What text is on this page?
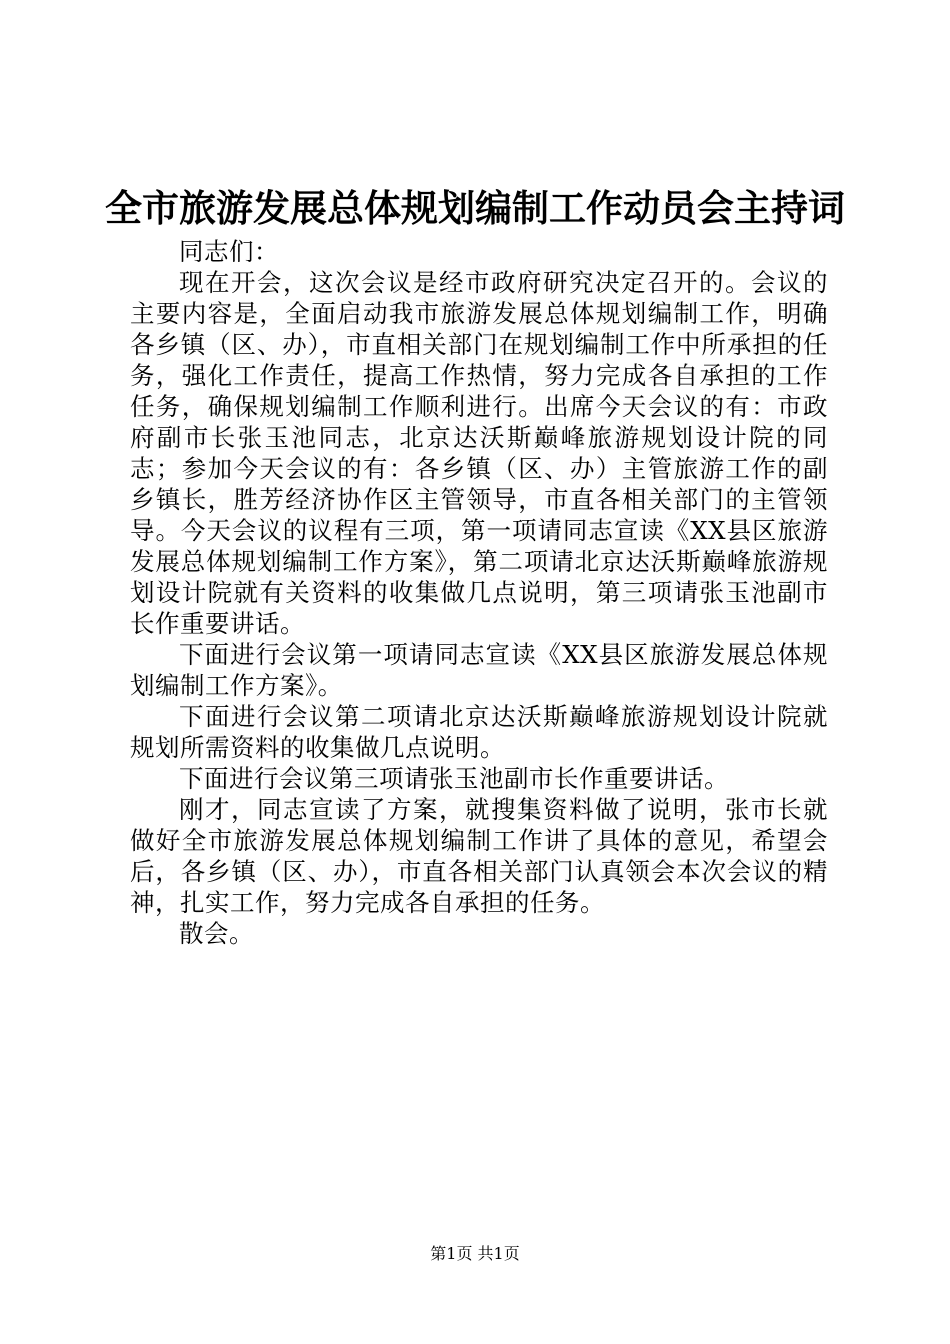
全市旅游发展总体规划编制工作动员会主持词

同志们：

现在开会，这次会议是经市政府研究决定召开的。会议的主要内容是，全面启动我市旅游发展总体规划编制工作，明确各乡镇（区、办），市直相关部门在规划编制工作中所承担的任务，强化工作责任，提高工作热情，努力完成各自承担的工作任务，确保规划编制工作顺利进行。出席今天会议的有：市政府副市长张玉池同志，北京达沃斯巅峰旅游规划设计院的同志；参加今天会议的有：各乡镇（区、办）主管旅游工作的副乡镇长，胜芳经济协作区主管领导，市直各相关部门的主管领导。今天会议的议程有三项，第一项请同志宣读《XX县区旅游发展总体规划编制工作方案》，第二项请北京达沃斯巅峰旅游规划设计院就有关资料的收集做几点说明，第三项请张玉池副市长作重要讲话。

下面进行会议第一项请同志宣读《XX县区旅游发展总体规划编制工作方案》。

下面进行会议第二项请北京达沃斯巅峰旅游规划设计院就规划所需资料的收集做几点说明。

下面进行会议第三项请张玉池副市长作重要讲话。

刚才，同志宣读了方案，就搜集资料做了说明，张市长就做好全市旅游发展总体规划编制工作讲了具体的意见，希望会后，各乡镇（区、办），市直各相关部门认真领会本次会议的精神，扎实工作，努力完成各自承担的任务。

散会。

第1页 共1页
